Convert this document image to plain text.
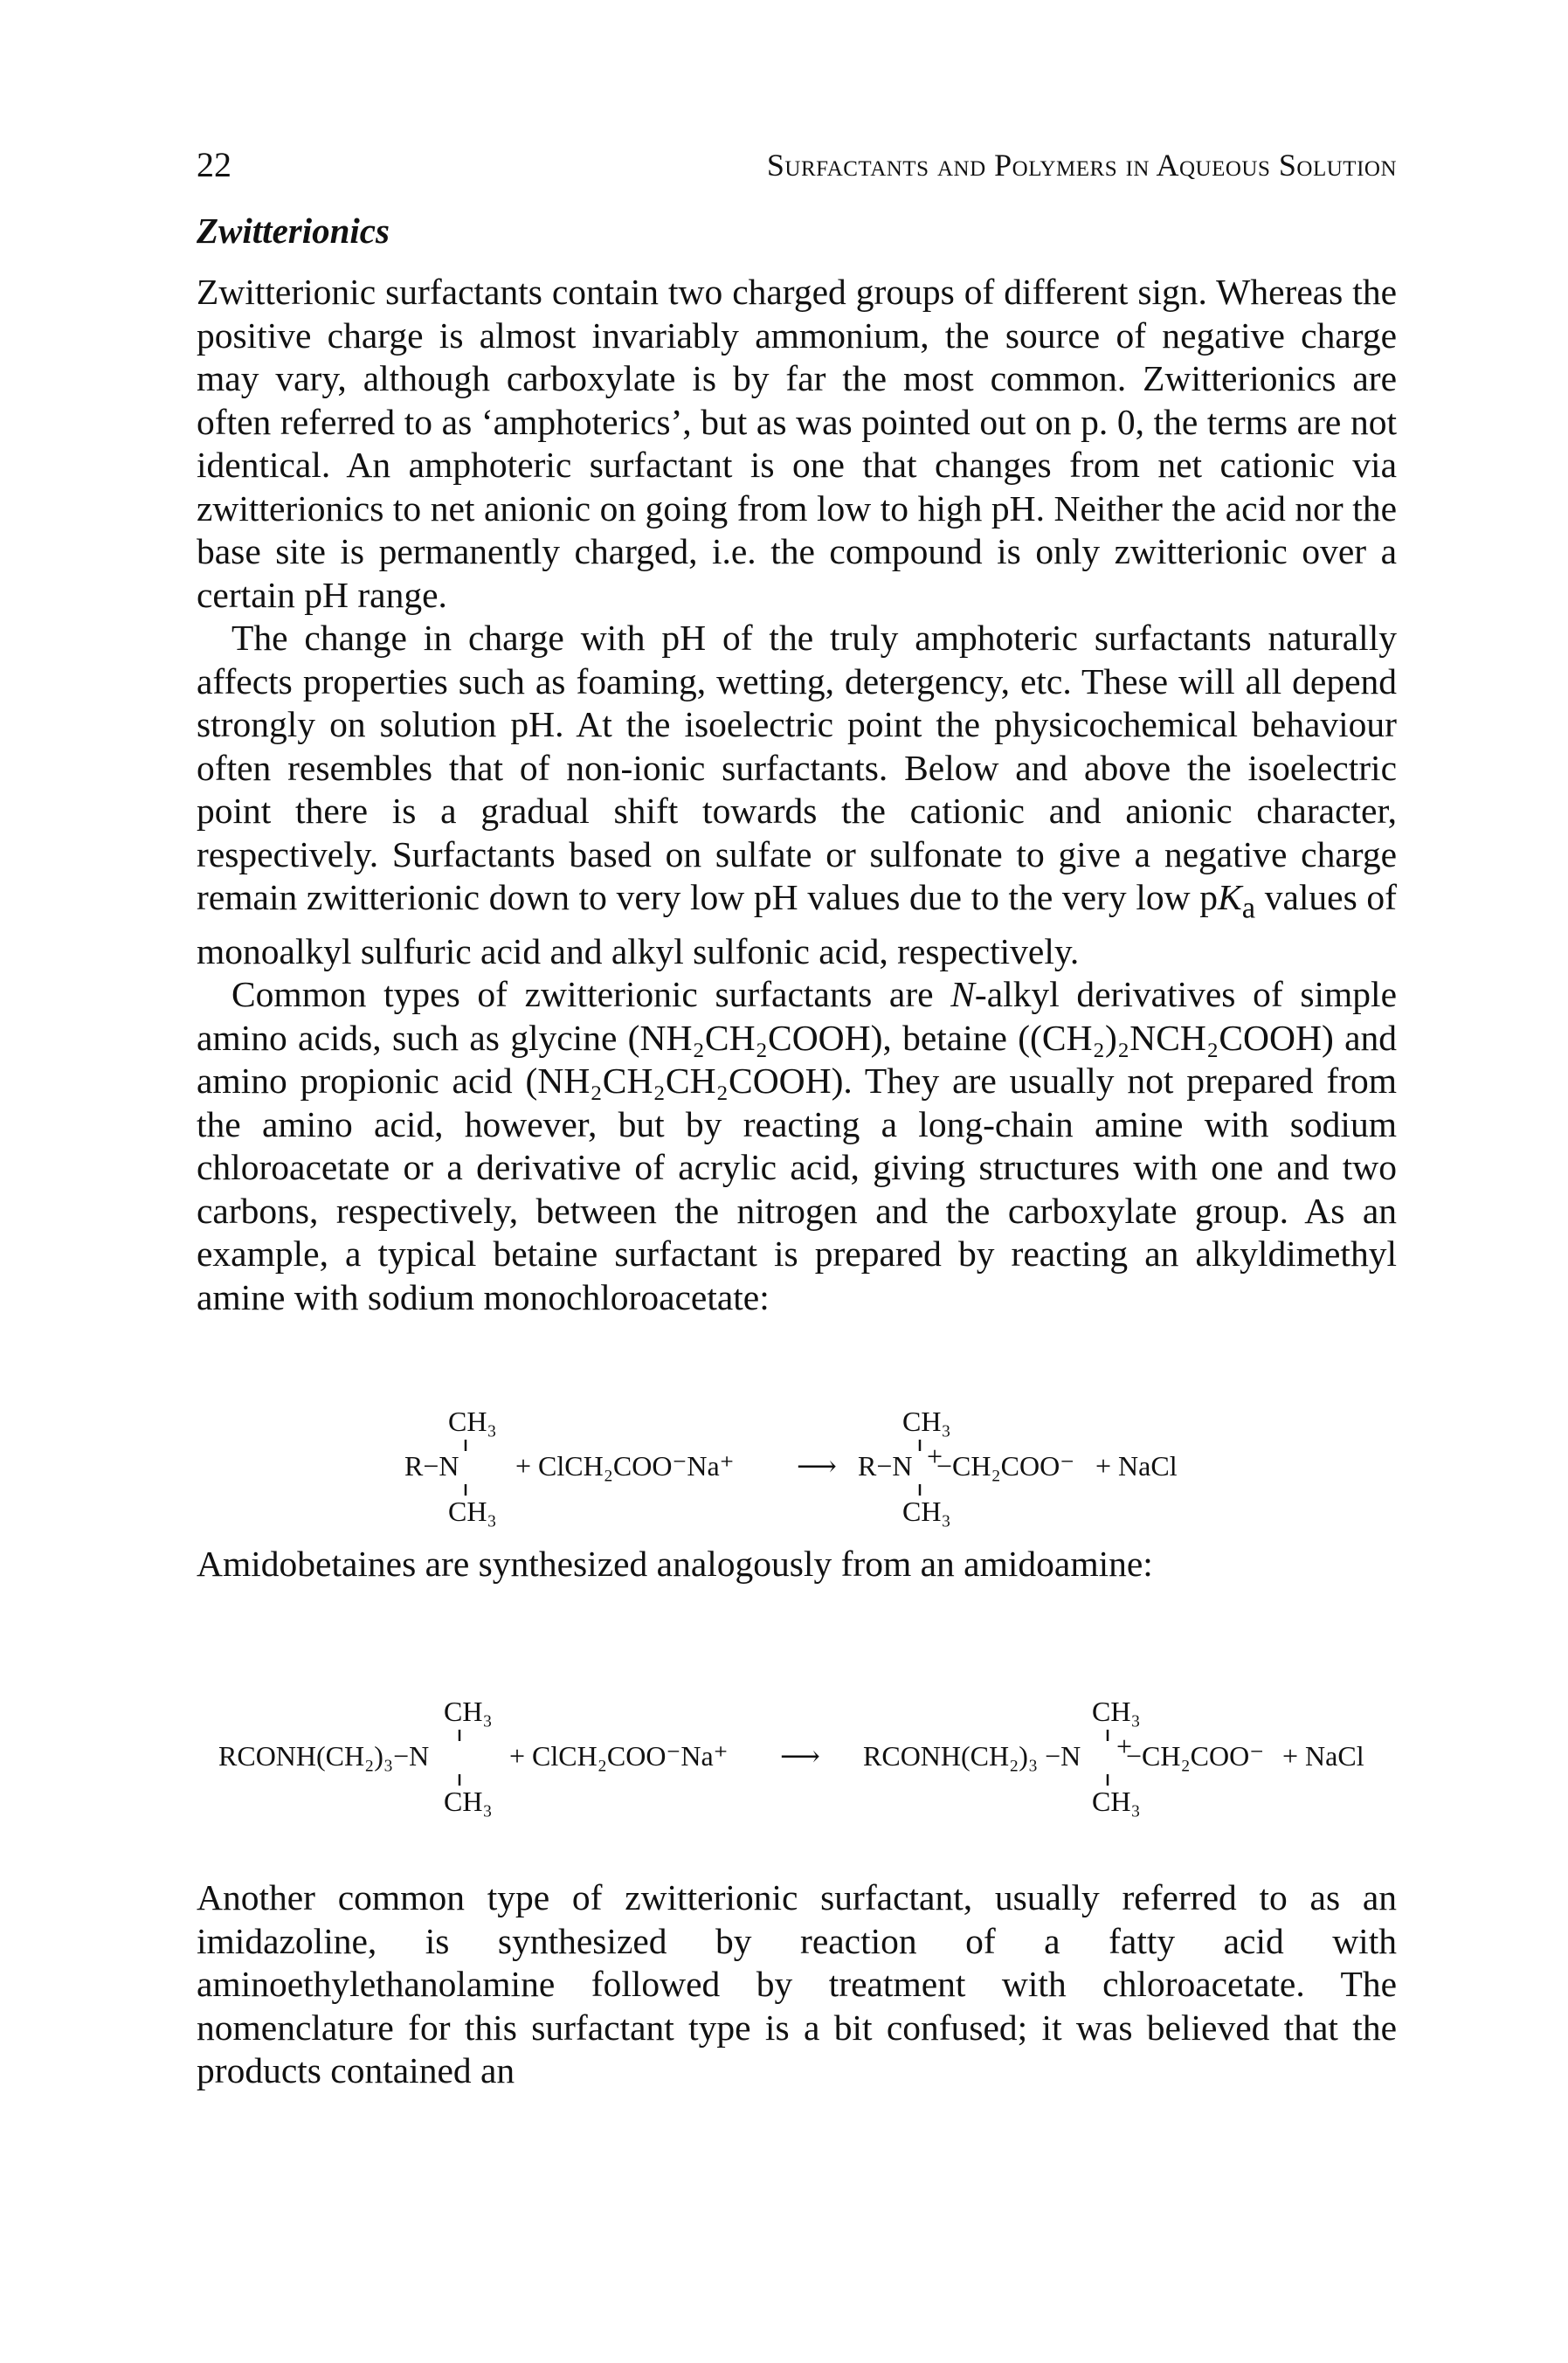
22	Surfactants and Polymers in Aqueous Solution
Zwitterionics

Zwitterionic surfactants contain two charged groups of different sign. Whereas the positive charge is almost invariably ammonium, the source of negative charge may vary, although carboxylate is by far the most common. Zwitterionics are often referred to as ‘amphoterics’, but as was pointed out on p. 0, the terms are not identical. An amphoteric surfactant is one that changes from net cationic via zwitterionics to net anionic on going from low to high pH. Neither the acid nor the base site is permanently charged, i.e. the compound is only zwitterionic over a certain pH range.

The change in charge with pH of the truly amphoteric surfactants naturally affects properties such as foaming, wetting, detergency, etc. These will all depend strongly on solution pH. At the isoelectric point the physicochemical behaviour often resembles that of non-ionic surfactants. Below and above the isoelectric point there is a gradual shift towards the cationic and anionic character, respectively. Surfactants based on sulfate or sulfonate to give a negative charge remain zwitterionic down to very low pH values due to the very low $pK_a$ values of monoalkyl sulfuric acid and alkyl sulfonic acid, respectively.

Common types of zwitterionic surfactants are N-alkyl derivatives of simple amino acids, such as glycine (NH₂CH₂COOH), betaine ((CH₂)₂NCH₂COOH) and amino propionic acid (NH₂CH₂CH₂COOH). They are usually not prepared from the amino acid, however, but by reacting a long-chain amine with sodium chloroacetate or a derivative of acrylic acid, giving structures with one and two carbons, respectively, between the nitrogen and the carboxylate group. As an example, a typical betaine surfactant is prepared by reacting an alkyldimethyl amine with sodium monochloroacetate:

CH₃
R−N
CH₃
+ ClCH₂COO⁻Na⁺ ⟶
CH₃
R−N +
−CH₂COO⁻
CH₃
+ NaCl

Amidobetaines are synthesized analogously from an amidoamine:

CH₃
RCONH(CH₂)₃−N
CH₃
+ ClCH₂COO⁻Na⁺ ⟶
CH₃
RCONH(CH₂)₃ −N +
−CH₂COO⁻
CH₃
+ NaCl

Another common type of zwitterionic surfactant, usually referred to as an imidazoline, is synthesized by reaction of a fatty acid with aminoethylethanolamine followed by treatment with chloroacetate. The nomenclature for this surfactant type is a bit confused; it was believed that the products contained an
